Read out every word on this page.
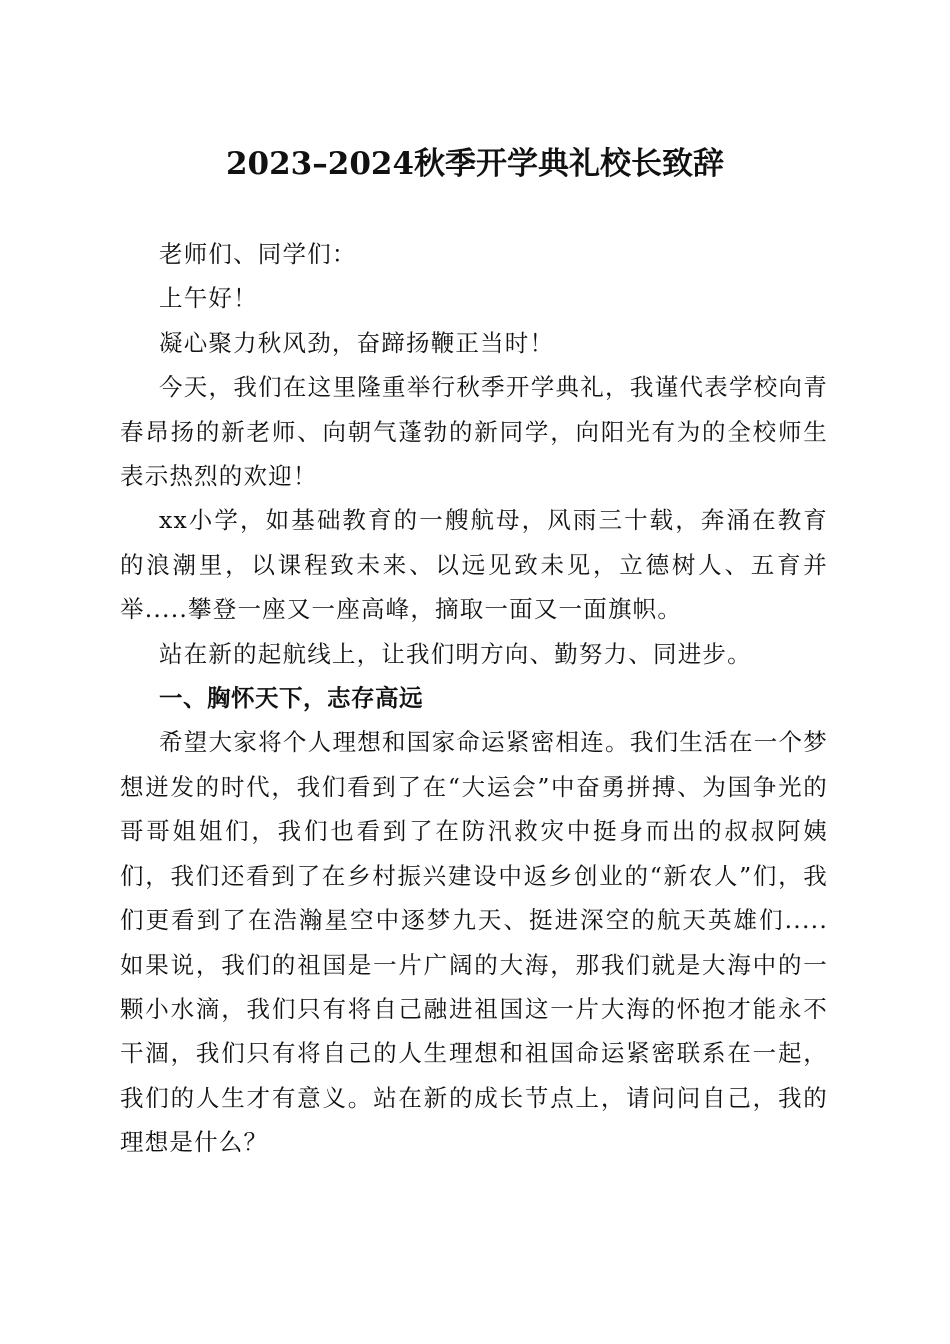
2023–2024秋季开学典礼校长致辞

老师们、同学们：

上午好！

凝心聚力秋风劲，奋蹄扬鞭正当时！

今天，我们在这里隆重举行秋季开学典礼，我谨代表学校向青春昂扬的新老师、向朝气蓬勃的新同学，向阳光有为的全校师生表示热烈的欢迎！

xx小学，如基础教育的一艘航母，风雨三十载，奔涌在教育的浪潮里，以课程致未来、以远见致未见，立德树人、五育并举.....攀登一座又一座高峰，摘取一面又一面旗帜。

站在新的起航线上，让我们明方向、勤努力、同进步。

一、胸怀天下，志存高远

希望大家将个人理想和国家命运紧密相连。我们生活在一个梦想迸发的时代，我们看到了在“大运会”中奋勇拼搏、为国争光的哥哥姐姐们，我们也看到了在防汛救灾中挺身而出的叔叔阿姨们，我们还看到了在乡村振兴建设中返乡创业的“新农人”们，我们更看到了在浩瀚星空中逐梦九天、挺进深空的航天英雄们.....如果说，我们的祖国是一片广阔的大海，那我们就是大海中的一颗小水滴，我们只有将自己融进祖国这一片大海的怀抱才能永不干涸，我们只有将自己的人生理想和祖国命运紧密联系在一起，我们的人生才有意义。站在新的成长节点上，请问问自己，我的理想是什么？
